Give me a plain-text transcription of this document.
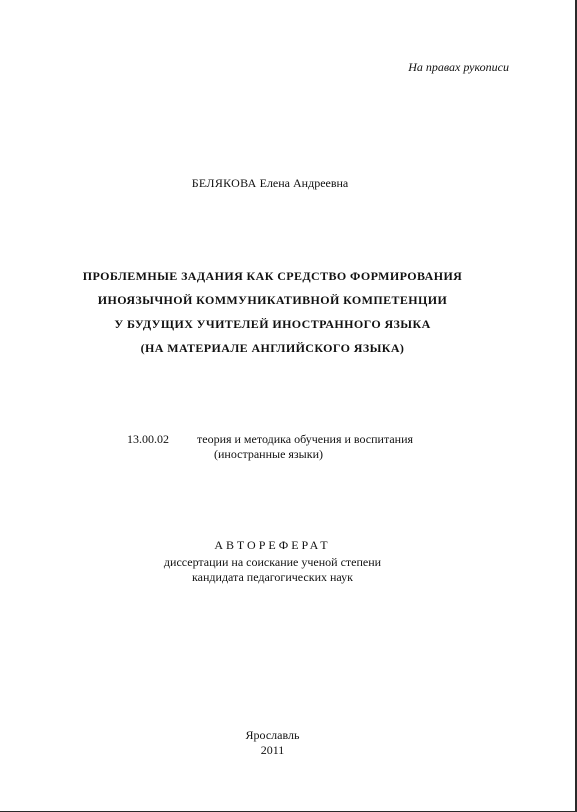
На правах рукописи
БЕЛЯКОВА Елена Андреевна
ПРОБЛЕМНЫЕ ЗАДАНИЯ КАК СРЕДСТВО ФОРМИРОВАНИЯ
ИНОЯЗЫЧНОЙ КОММУНИКАТИВНОЙ КОМПЕТЕНЦИИ
У БУДУЩИХ УЧИТЕЛЕЙ ИНОСТРАННОГО ЯЗЫКА
(НА МАТЕРИАЛЕ АНГЛИЙСКОГО ЯЗЫКА)
13.00.02 теория и методика обучения и воспитания
(иностранные языки)
АВТОРЕФЕРАТ
диссертации на соискание ученой степени
кандидата педагогических наук
Ярославль
2011
